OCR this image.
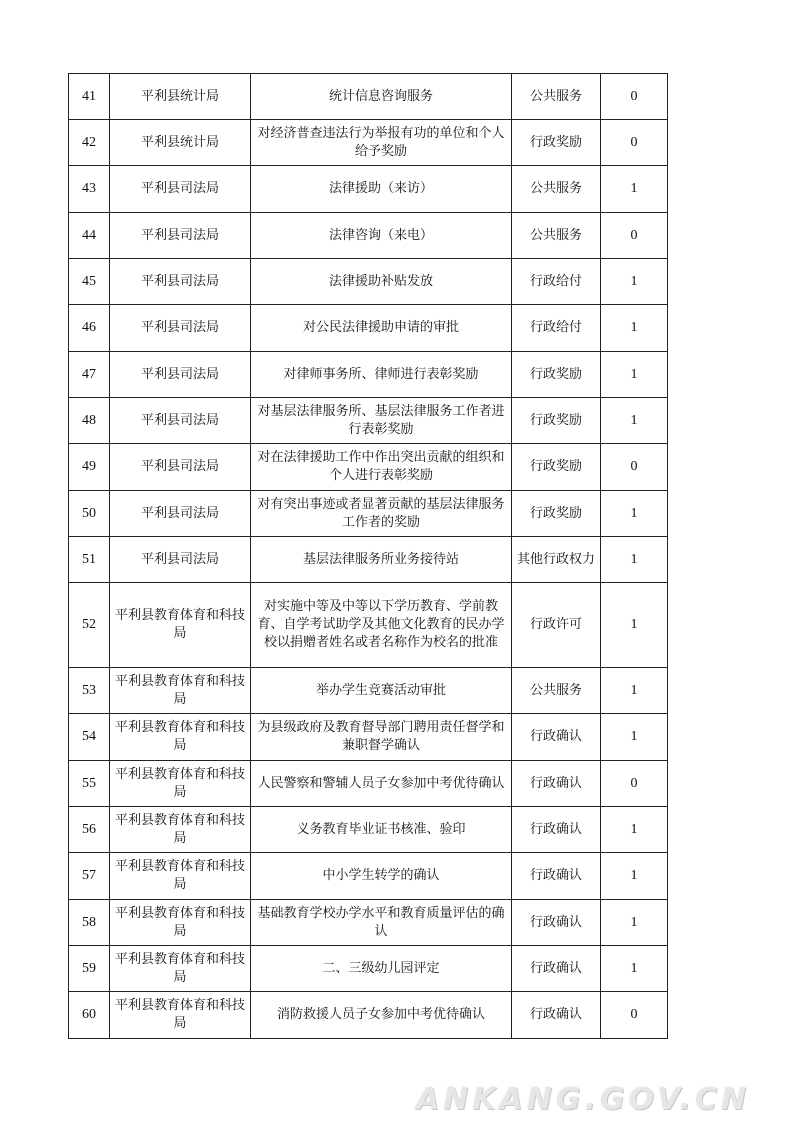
41	平利县统计局	统计信息咨询服务	公共服务	0
42	平利县统计局	对经济普查违法行为举报有功的单位和个人给予奖励	行政奖励	0
43	平利县司法局	法律援助（来访）	公共服务	1
44	平利县司法局	法律咨询（来电）	公共服务	0
45	平利县司法局	法律援助补贴发放	行政给付	1
46	平利县司法局	对公民法律援助申请的审批	行政给付	1
47	平利县司法局	对律师事务所、律师进行表彰奖励	行政奖励	1
48	平利县司法局	对基层法律服务所、基层法律服务工作者进行表彰奖励	行政奖励	1
49	平利县司法局	对在法律援助工作中作出突出贡献的组织和个人进行表彰奖励	行政奖励	0
50	平利县司法局	对有突出事迹或者显著贡献的基层法律服务工作者的奖励	行政奖励	1
51	平利县司法局	基层法律服务所业务接待站	其他行政权力	1
52	平利县教育体育和科技局	对实施中等及中等以下学历教育、学前教育、自学考试助学及其他文化教育的民办学校以捐赠者姓名或者名称作为校名的批准	行政许可	1
53	平利县教育体育和科技局	举办学生竞赛活动审批	公共服务	1
54	平利县教育体育和科技局	为县级政府及教育督导部门聘用责任督学和兼职督学确认	行政确认	1
55	平利县教育体育和科技局	人民警察和警辅人员子女参加中考优待确认	行政确认	0
56	平利县教育体育和科技局	义务教育毕业证书核准、验印	行政确认	1
57	平利县教育体育和科技局	中小学生转学的确认	行政确认	1
58	平利县教育体育和科技局	基础教育学校办学水平和教育质量评估的确认	行政确认	1
59	平利县教育体育和科技局	二、三级幼儿园评定	行政确认	1
60	平利县教育体育和科技局	消防救援人员子女参加中考优待确认	行政确认	0
ANKANG.GOV.CN
